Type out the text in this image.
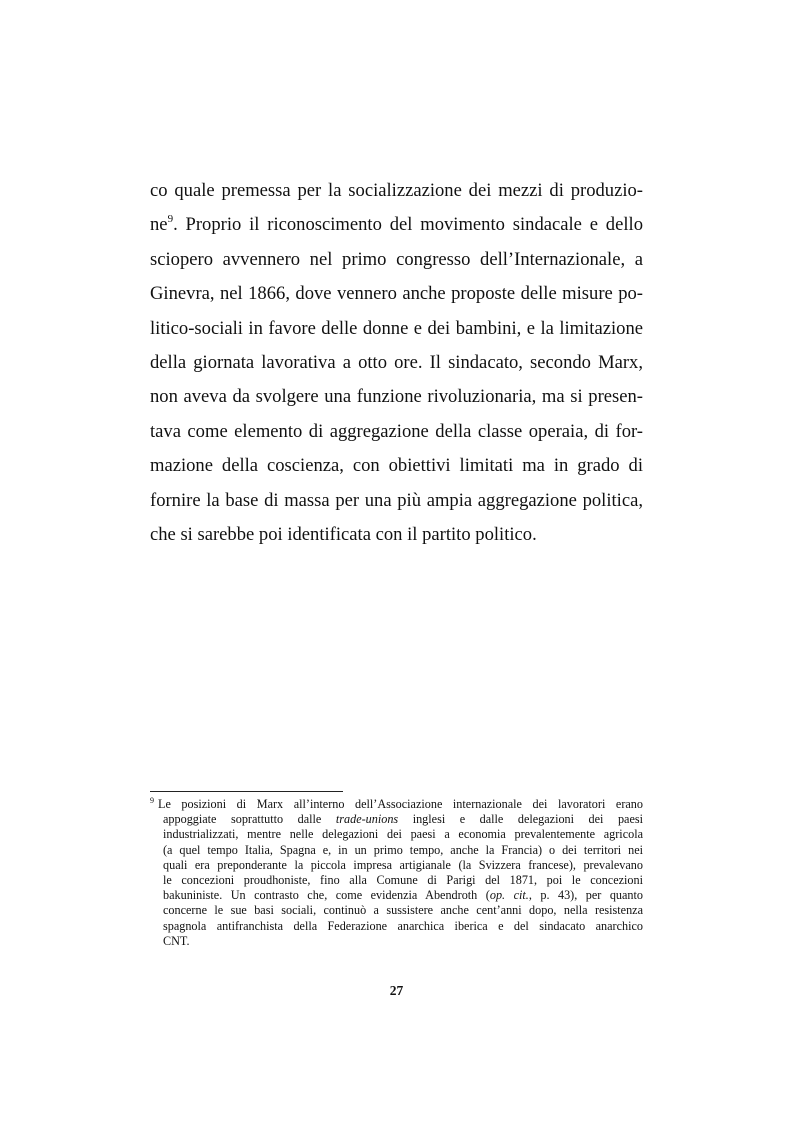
co quale premessa per la socializzazione dei mezzi di produzio-
ne$^9$. Proprio il riconoscimento del movimento sindacale e dello
sciopero avvennero nel primo congresso dell’Internazionale, a
Ginevra, nel 1866, dove vennero anche proposte delle misure po-
litico-sociali in favore delle donne e dei bambini, e la limitazione
della giornata lavorativa a otto ore. Il sindacato, secondo Marx,
non aveva da svolgere una funzione rivoluzionaria, ma si presen-
tava come elemento di aggregazione della classe operaia, di for-
mazione della coscienza, con obiettivi limitati ma in grado di
fornire la base di massa per una più ampia aggregazione politica,
che si sarebbe poi identificata con il partito politico.
$^9$ Le posizioni di Marx all’interno dell’Associazione internazionale dei lavoratori erano
appoggiate soprattutto dalle trade-unions inglesi e dalle delegazioni dei paesi
industrializzati, mentre nelle delegazioni dei paesi a economia prevalentemente agricola
(a quel tempo Italia, Spagna e, in un primo tempo, anche la Francia) o dei territori nei
quali era preponderante la piccola impresa artigianale (la Svizzera francese), prevalevano
le concezioni proudhoniste, fino alla Comune di Parigi del 1871, poi le concezioni
bakuniniste. Un contrasto che, come evidenzia Abendroth (op. cit., p. 43), per quanto
concerne le sue basi sociali, continuò a sussistere anche cent’anni dopo, nella resistenza
spagnola antifranchista della Federazione anarchica iberica e del sindacato anarchico
CNT.
27
